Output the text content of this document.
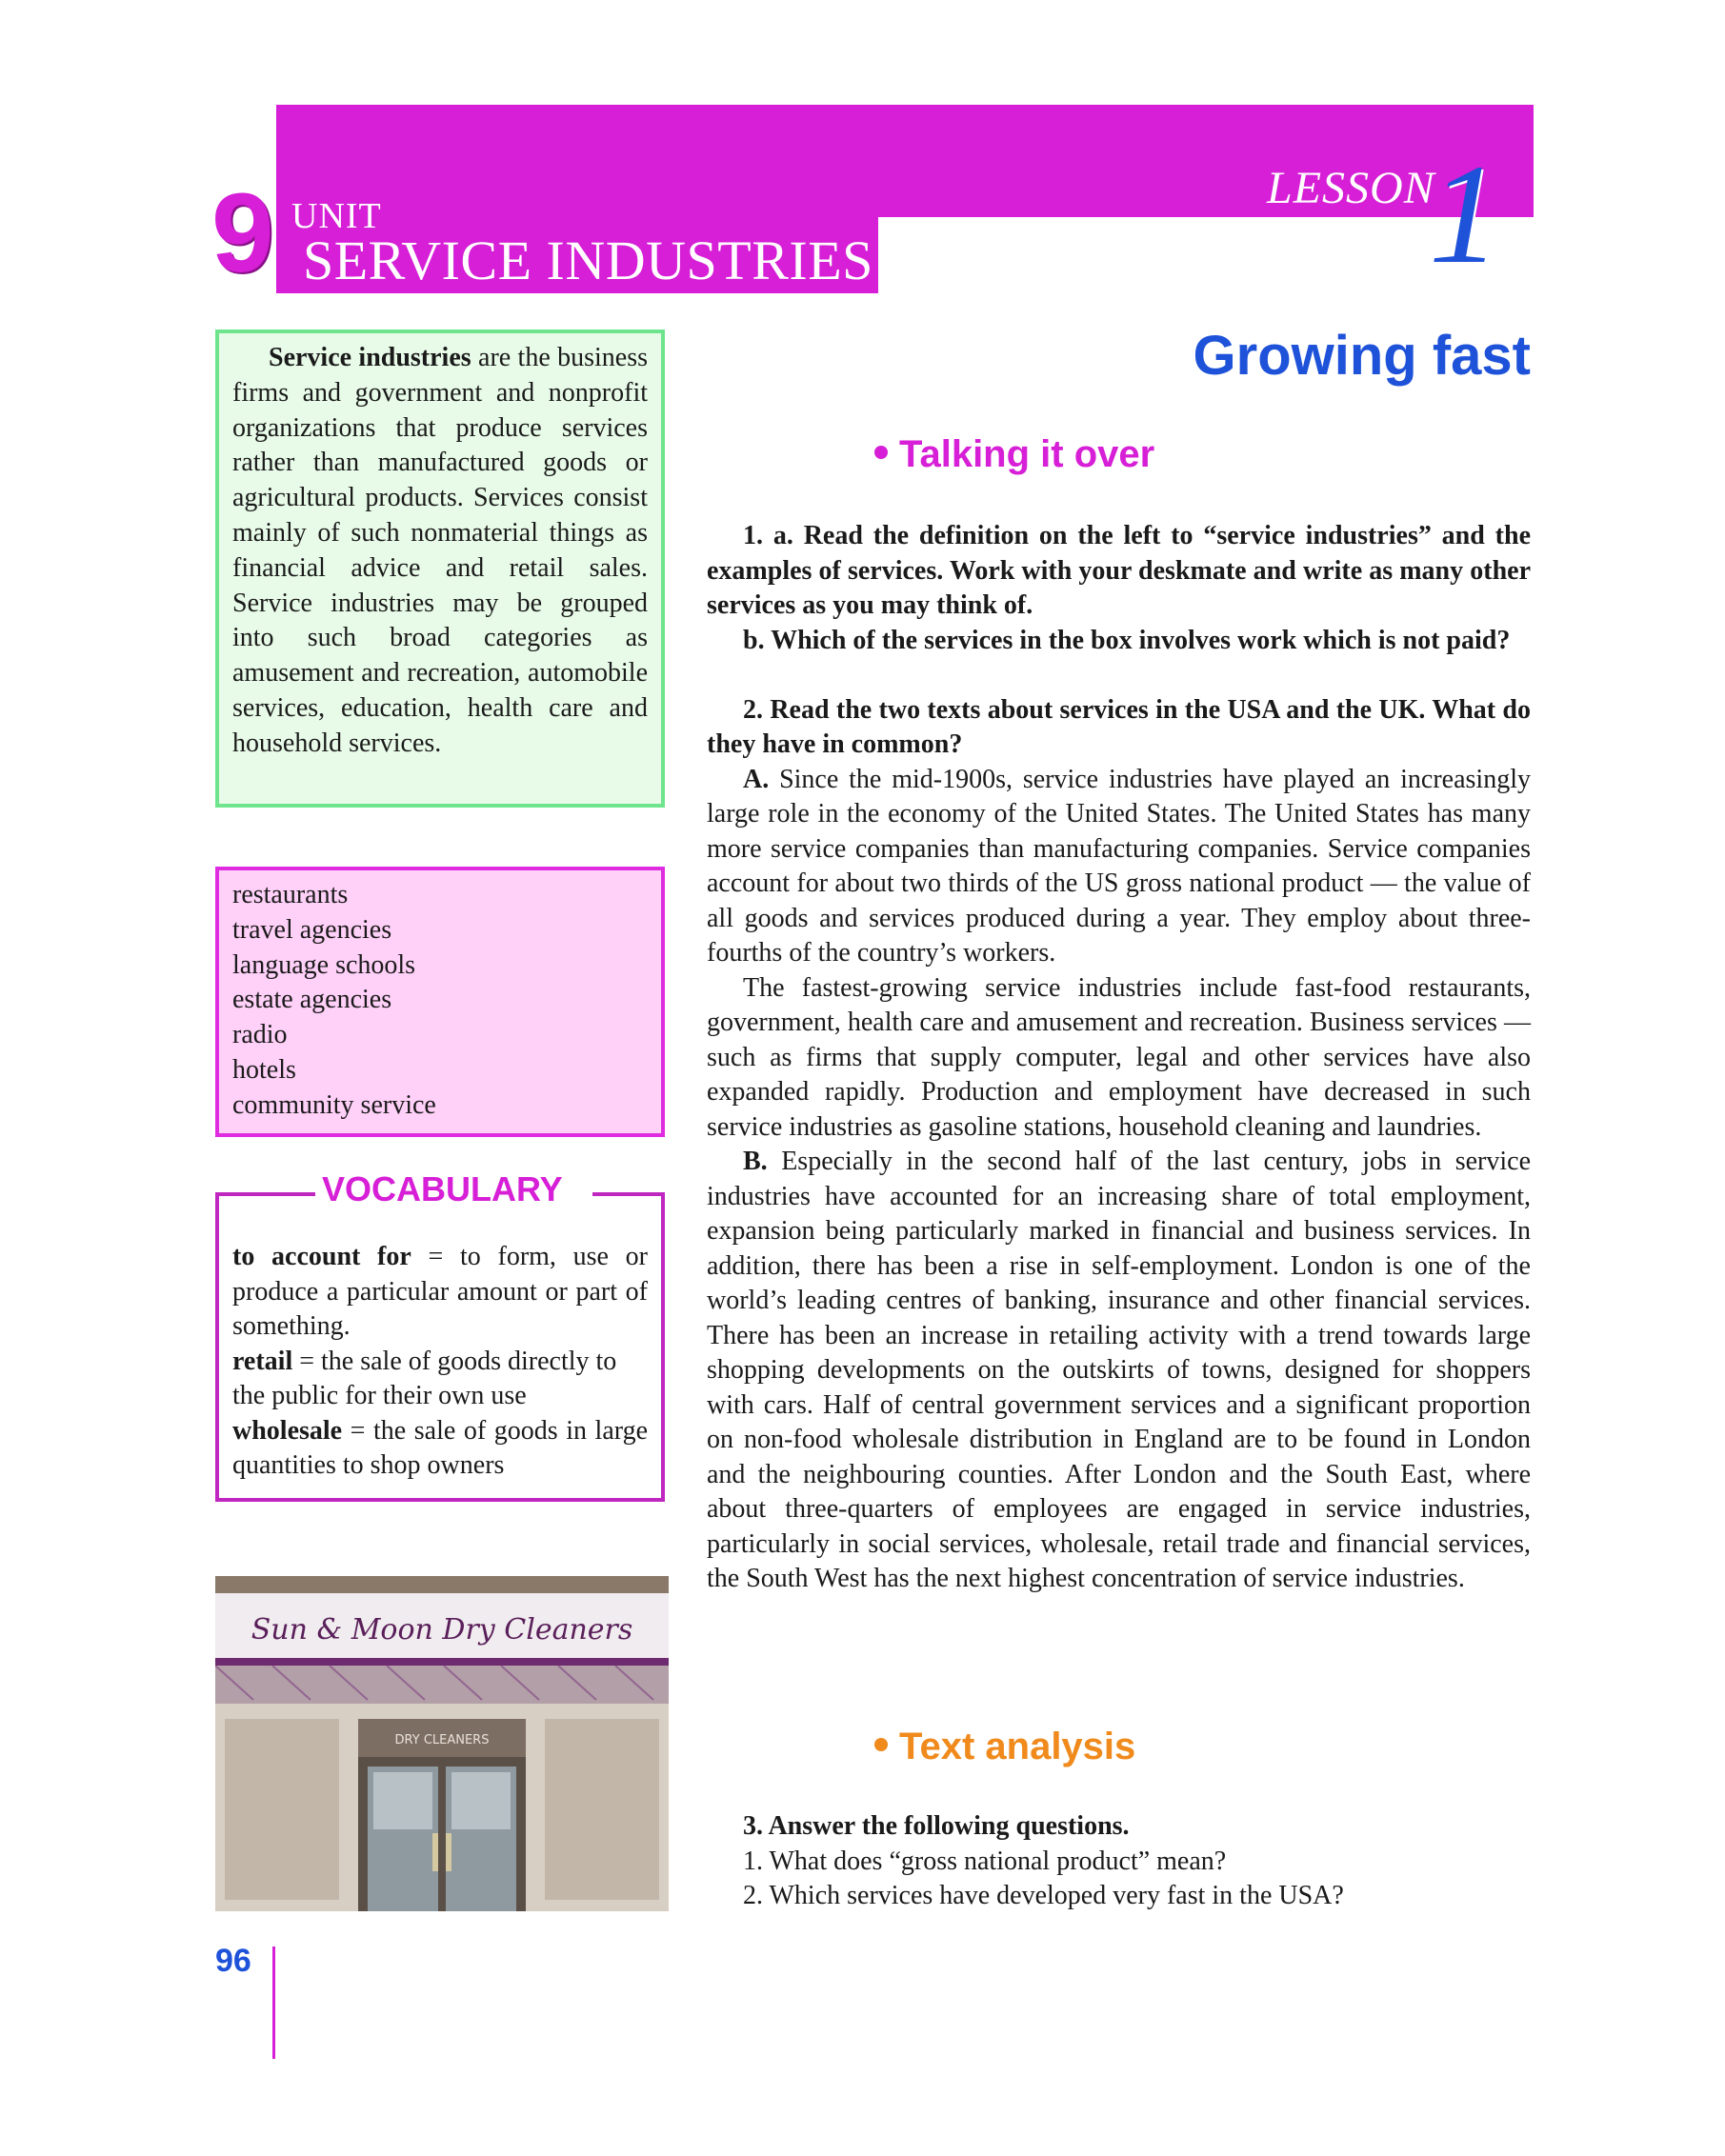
9 UNIT
SERVICE INDUSTRIES
LESSON
1
Growing fast
Talking it over

1. a. Read the definition on the left to “service industries” and the examples of services. Work with your deskmate and write as many other services as you may think of.

b. Which of the services in the box involves work which is not paid?

2. Read the two texts about services in the USA and the UK. What do they have in common?

A. Since the mid-1900s, service industries have played an increasingly large role in the economy of the United States. The United States has many more service companies than manufacturing companies. Service companies account for about two thirds of the US gross national product — the value of all goods and services produced during a year. They employ about three-fourths of the country’s workers.

The fastest-growing service industries include fast-food restaurants, government, health care and amusement and recreation. Business services — such as firms that supply computer, legal and other services have also expanded rapidly. Production and employment have decreased in such service industries as gasoline stations, household cleaning and laundries.

B. Especially in the second half of the last century, jobs in service industries have accounted for an increasing share of total employment, expansion being particularly marked in financial and business services. In addition, there has been a rise in self-employment. London is one of the world’s leading centres of banking, insurance and other financial services. There has been an increase in retailing activity with a trend towards large shopping developments on the outskirts of towns, designed for shoppers with cars. Half of central government services and a significant proportion on non-food wholesale distribution in England are to be found in London and the neighbouring counties. After London and the South East, where about three-quarters of employees are engaged in service industries, particularly in social services, wholesale, retail trade and financial services, the South West has the next highest concentration of service industries.

Text analysis

3. Answer the following questions.

1. What does “gross national product” mean?

2. Which services have developed very fast in the USA?

Service industries are the business firms and government and nonprofit organizations that produce services rather than manufactured goods or agricultural products. Services consist mainly of such nonmaterial things as financial advice and retail sales. Service industries may be grouped into such broad categories as amusement and recreation, automobile services, education, health care and household services.
restaurants
travel agencies
language schools
estate agencies
radio
hotels
community service
VOCABULARY
to account for = to form, use or produce a particular amount or part of something.
retail = the sale of goods directly to the public for their own use
wholesale = the sale of goods in large quantities to shop owners
Sun & Moon Dry Cleaners
DRY CLEANERS
96
